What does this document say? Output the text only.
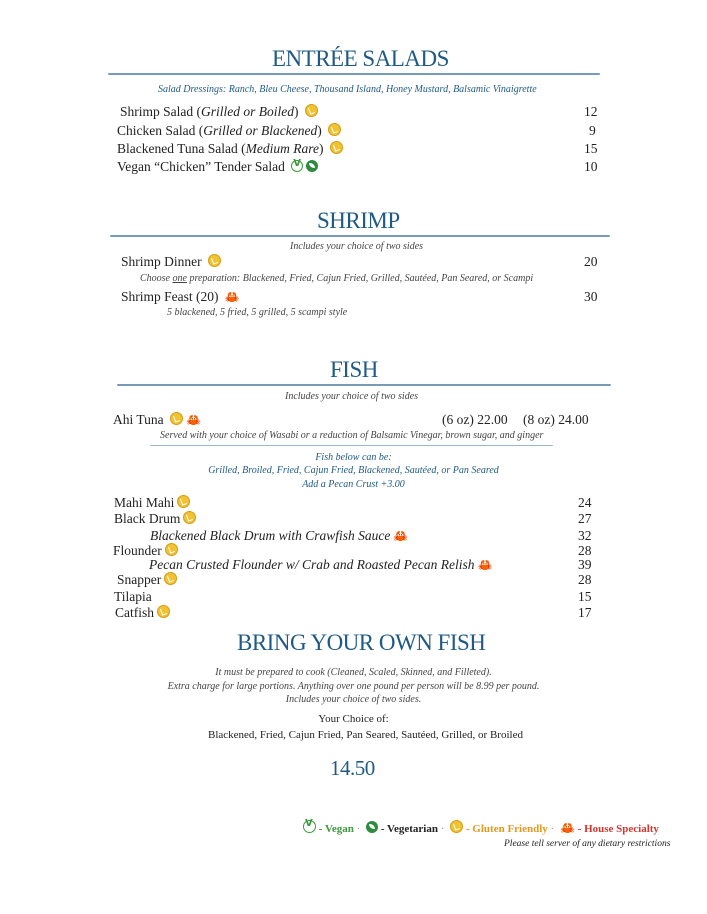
ENTRÉE SALADS
Salad Dressings: Ranch, Bleu Cheese, Thousand Island, Honey Mustard, Balsamic Vinaigrette
Shrimp Salad (Grilled or Boiled)	12
Chicken Salad (Grilled or Blackened)	9
Blackened Tuna Salad (Medium Rare)	15
Vegan “Chicken” Tender Salad V	10
SHRIMP
Includes your choice of two sides
Shrimp Dinner	20
Choose one preparation: Blackened, Fried, Cajun Fried, Grilled, Sautéed, Pan Seared, or Scampi
Shrimp Feast (20) 🦀	30
5 blackened, 5 fried, 5 grilled, 5 scampi style
FISH
Includes your choice of two sides
Ahi Tuna 🦀	(6 oz) 22.00 (8 oz) 24.00
Served with your choice of Wasabi or a reduction of Balsamic Vinegar, brown sugar, and ginger
Fish below can be:
Grilled, Broiled, Fried, Cajun Fried, Blackened, Sautéed, or Pan Seared
Add a Pecan Crust +3.00
Mahi Mahi	24
Black Drum	27
Blackened Black Drum with Crawfish Sauce 🦀	32
Flounder	28
Pecan Crusted Flounder w/ Crab and Roasted Pecan Relish 🦀	39
Snapper	28
Tilapia	15
Catfish	17
BRING YOUR OWN FISH
It must be prepared to cook (Cleaned, Scaled, Skinned, and Filleted).
Extra charge for large portions. Anything over one pound per person will be 8.99 per pound.
Includes your choice of two sides.
Your Choice of:
Blackened, Fried, Cajun Fried, Pan Seared, Sautéed, Grilled, or Broiled
14.50
V - Vegan ·  - Vegetarian ·  - Gluten Friendly · 🦀 - House Specialty
Please tell server of any dietary restrictions
